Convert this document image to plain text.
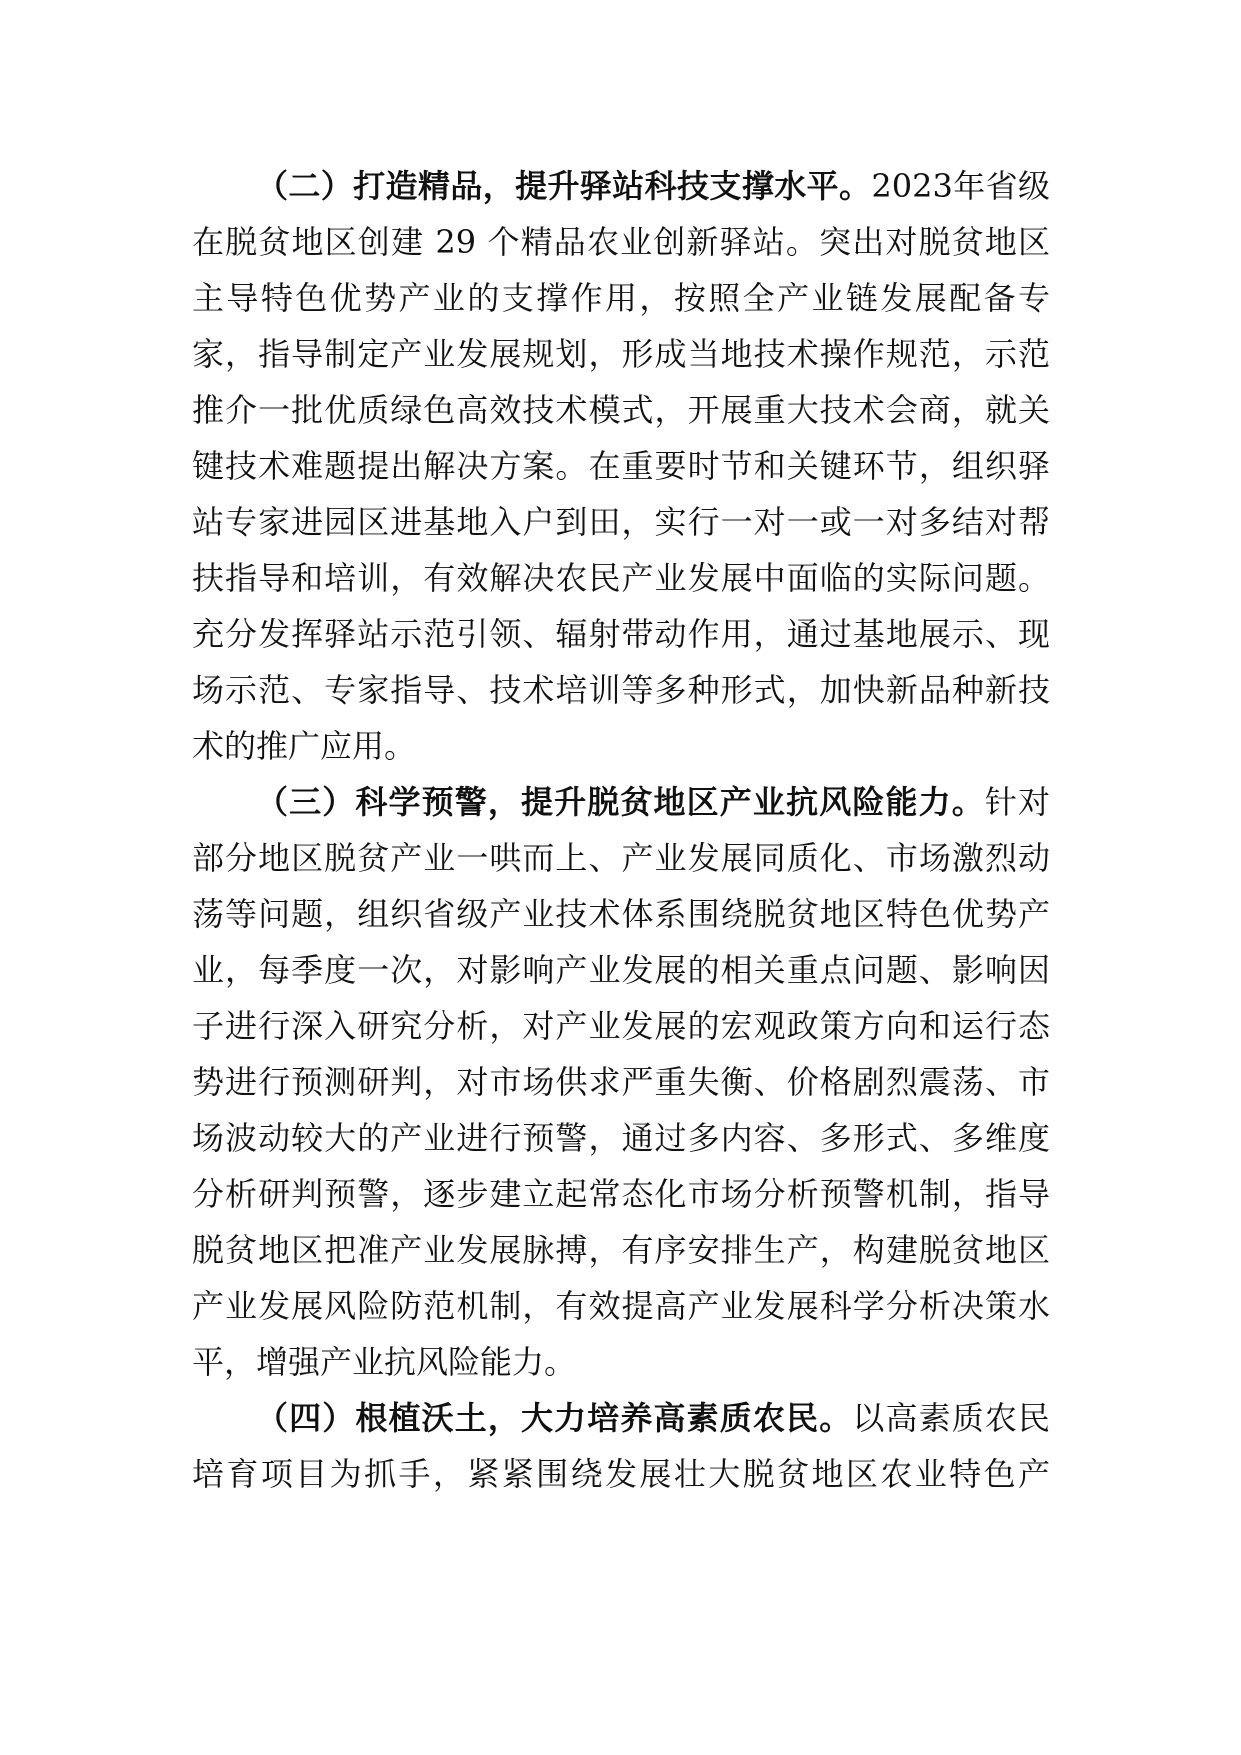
（二）打造精品，提升驿站科技支撑水平。2023年省级
在脱贫地区创建 29 个精品农业创新驿站。突出对脱贫地区
主导特色优势产业的支撑作用，按照全产业链发展配备专
家，指导制定产业发展规划，形成当地技术操作规范，示范
推介一批优质绿色高效技术模式，开展重大技术会商，就关
键技术难题提出解决方案。在重要时节和关键环节，组织驿
站专家进园区进基地入户到田，实行一对一或一对多结对帮
扶指导和培训，有效解决农民产业发展中面临的实际问题。
充分发挥驿站示范引领、辐射带动作用，通过基地展示、现
场示范、专家指导、技术培训等多种形式，加快新品种新技
术的推广应用。
（三）科学预警，提升脱贫地区产业抗风险能力。针对
部分地区脱贫产业一哄而上、产业发展同质化、市场激烈动
荡等问题，组织省级产业技术体系围绕脱贫地区特色优势产
业，每季度一次，对影响产业发展的相关重点问题、影响因
子进行深入研究分析，对产业发展的宏观政策方向和运行态
势进行预测研判，对市场供求严重失衡、价格剧烈震荡、市
场波动较大的产业进行预警，通过多内容、多形式、多维度
分析研判预警，逐步建立起常态化市场分析预警机制，指导
脱贫地区把准产业发展脉搏，有序安排生产，构建脱贫地区
产业发展风险防范机制，有效提高产业发展科学分析决策水
平，增强产业抗风险能力。
（四）根植沃土，大力培养高素质农民。以高素质农民
培育项目为抓手，紧紧围绕发展壮大脱贫地区农业特色产
